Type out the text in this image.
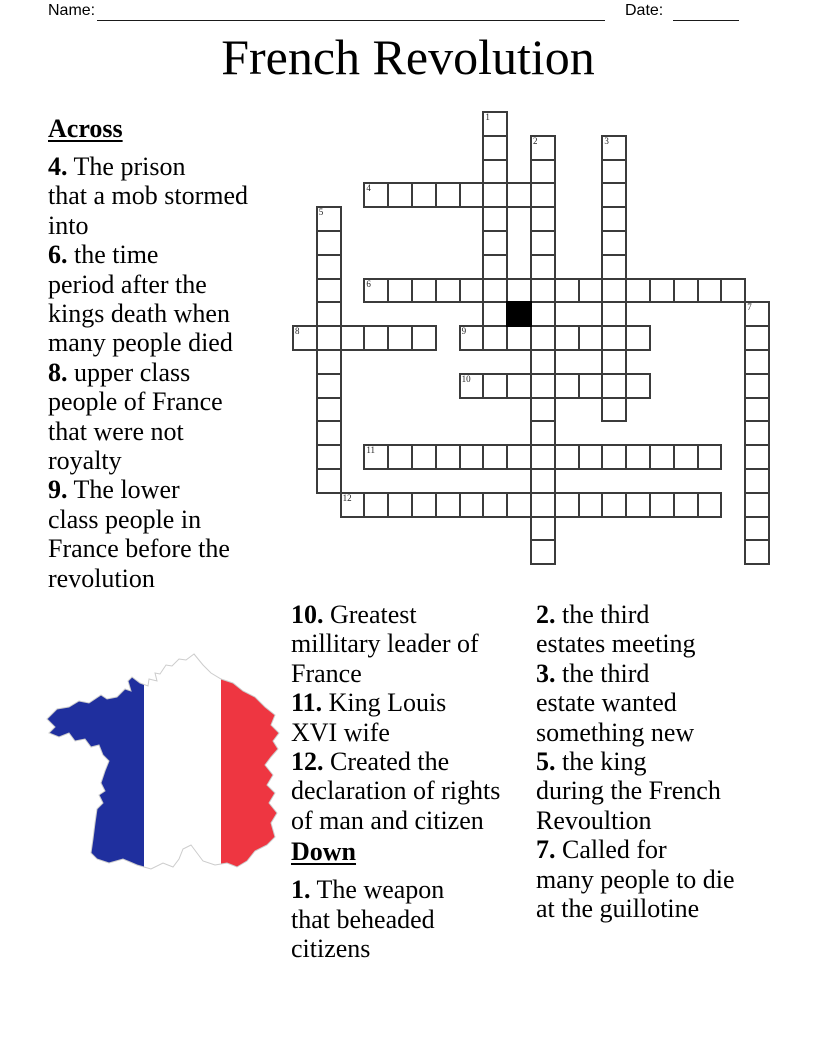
Name:	Date:
French Revolution
1
2	3
4
5
6
7
8	9
10
11
12
Across
4. The prison
that a mob stormed
into
6. the time
period after the
kings death when
many people died
8. upper class
people of France
that were not
royalty
9. The lower
class people in
France before the
revolution
10. Greatest
millitary leader of
France
11. King Louis
XVI wife
12. Created the
declaration of rights
of man and citizen
Down
1. The weapon
that beheaded
citizens
2. the third
estates meeting
3. the third
estate wanted
something new
5. the king
during the French
Revoultion
7. Called for
many people to die
at the guillotine
